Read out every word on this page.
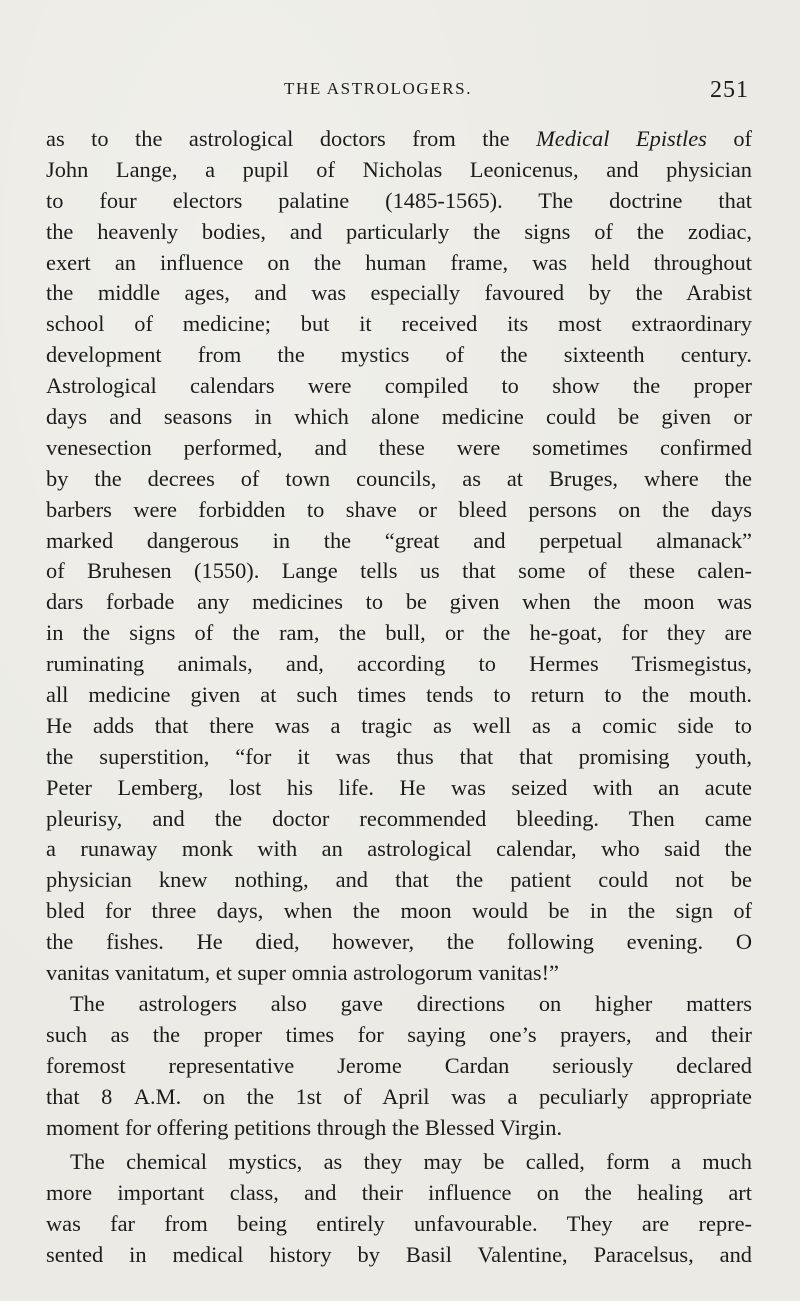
THE ASTROLOGERS.	251
as to the astrological doctors from the Medical Epistles of
John Lange, a pupil of Nicholas Leonicenus, and physician
to four electors palatine (1485-1565). The doctrine that
the heavenly bodies, and particularly the signs of the zodiac,
exert an influence on the human frame, was held throughout
the middle ages, and was especially favoured by the Arabist
school of medicine; but it received its most extraordinary
development from the mystics of the sixteenth century.
Astrological calendars were compiled to show the proper
days and seasons in which alone medicine could be given or
venesection performed, and these were sometimes confirmed
by the decrees of town councils, as at Bruges, where the
barbers were forbidden to shave or bleed persons on the days
marked dangerous in the “great and perpetual almanack”
of Bruhesen (1550). Lange tells us that some of these calen-
dars forbade any medicines to be given when the moon was
in the signs of the ram, the bull, or the he-goat, for they are
ruminating animals, and, according to Hermes Trismegistus,
all medicine given at such times tends to return to the mouth.
He adds that there was a tragic as well as a comic side to
the superstition, “for it was thus that that promising youth,
Peter Lemberg, lost his life. He was seized with an acute
pleurisy, and the doctor recommended bleeding. Then came
a runaway monk with an astrological calendar, who said the
physician knew nothing, and that the patient could not be
bled for three days, when the moon would be in the sign of
the fishes. He died, however, the following evening. O
vanitas vanitatum, et super omnia astrologorum vanitas!”
The astrologers also gave directions on higher matters
such as the proper times for saying one’s prayers, and their
foremost representative Jerome Cardan seriously declared
that 8 A.M. on the 1st of April was a peculiarly appropriate
moment for offering petitions through the Blessed Virgin.
The chemical mystics, as they may be called, form a much
more important class, and their influence on the healing art
was far from being entirely unfavourable. They are repre-
sented in medical history by Basil Valentine, Paracelsus, and
